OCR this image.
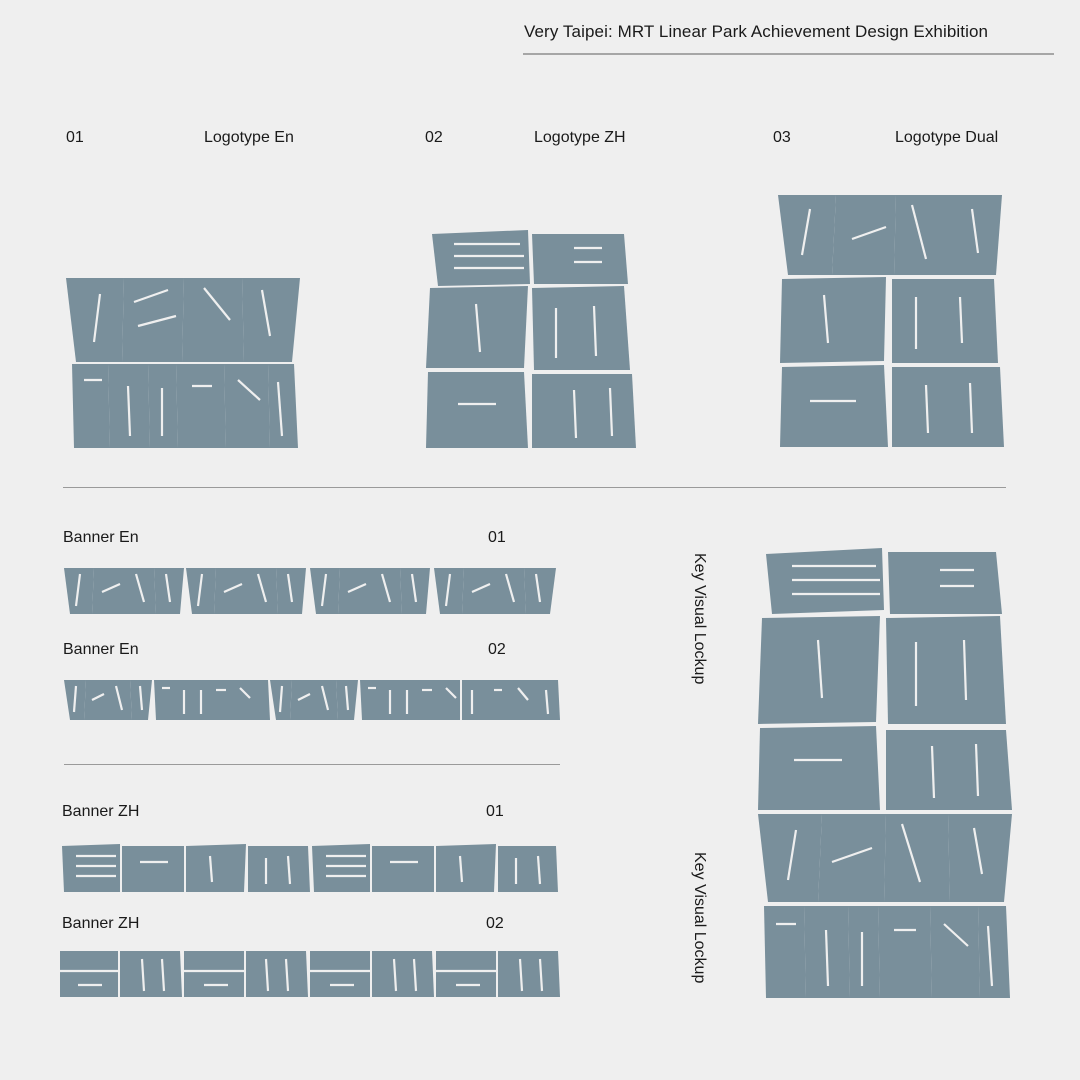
Very Taipei: MRT Linear Park Achievement Design Exhibition
01	Logotype En	02	Logotype ZH	03	Logotype Dual
Banner En	01
Banner En	02
Banner ZH	01
Banner ZH	02
Key Visual Lockup
Key Visual Lockup
